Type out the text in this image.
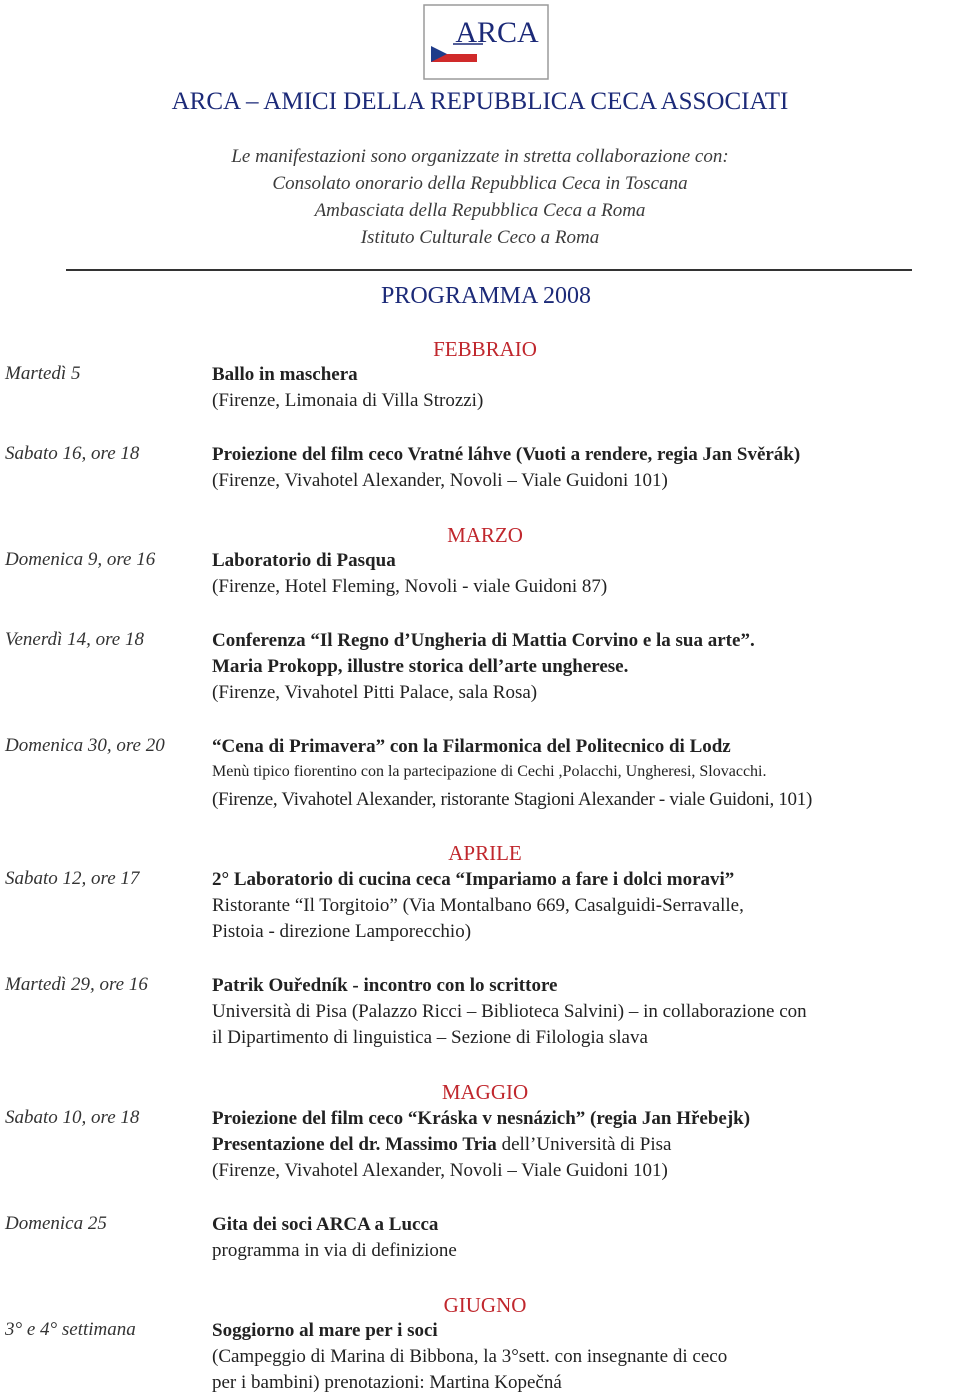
ARCA
ARCA – AMICI DELLA REPUBBLICA CECA ASSOCIATI
Le manifestazioni sono organizzate in stretta collaborazione con:
Consolato onorario della Repubblica Ceca in Toscana
Ambasciata della Repubblica Ceca a Roma
Istituto Culturale Ceco a Roma
PROGRAMMA 2008
FEBBRAIO
Martedì 5	Ballo in maschera
(Firenze, Limonaia di Villa Strozzi)
Sabato 16, ore 18	Proiezione del film ceco Vratné láhve (Vuoti a rendere, regia Jan Svěrák)
(Firenze, Vivahotel Alexander, Novoli – Viale Guidoni 101)
MARZO
Domenica 9, ore 16	Laboratorio di Pasqua
(Firenze, Hotel Fleming, Novoli - viale Guidoni 87)
Venerdì 14, ore 18	Conferenza “Il Regno d’Ungheria di Mattia Corvino e la sua arte”.
Maria Prokopp, illustre storica dell’arte ungherese.
(Firenze, Vivahotel Pitti Palace, sala Rosa)
Domenica 30, ore 20 “Cena di Primavera” con la Filarmonica del Politecnico di Lodz
Menù tipico fiorentino con la partecipazione di Cechi ,Polacchi, Ungheresi, Slovacchi.
(Firenze, Vivahotel Alexander, ristorante Stagioni Alexander - viale Guidoni, 101)
APRILE
Sabato 12, ore 17	2° Laboratorio di cucina ceca “Impariamo a fare i dolci moravi”
Ristorante “Il Torgitoio” (Via Montalbano 669, Casalguidi-Serravalle,
Pistoia - direzione Lamporecchio)
Martedì 29, ore 16	Patrik Ouředník - incontro con lo scrittore
Università di Pisa (Palazzo Ricci – Biblioteca Salvini) – in collaborazione con
il Dipartimento di linguistica – Sezione di Filologia slava
MAGGIO
Sabato 10, ore 18	Proiezione del film ceco “Kráska v nesnázich” (regia Jan Hřebejk)
Presentazione del dr. Massimo Tria dell’Università di Pisa
(Firenze, Vivahotel Alexander, Novoli – Viale Guidoni 101)
Domenica 25	Gita dei soci ARCA a Lucca
programma in via di definizione
GIUGNO
3° e 4° settimana	Soggiorno al mare per i soci
(Campeggio di Marina di Bibbona, la 3°sett. con insegnante di ceco
per i bambini) prenotazioni: Martina Kopečná
